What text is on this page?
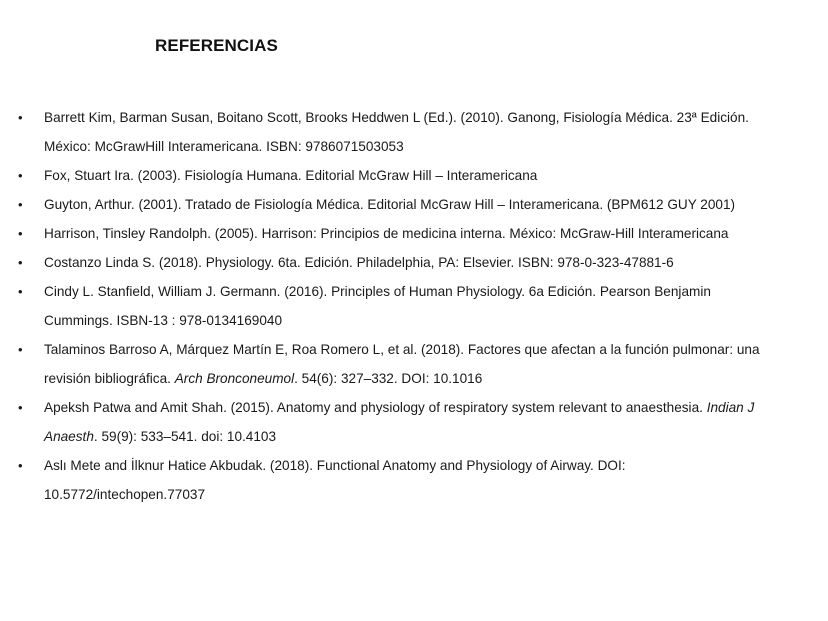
REFERENCIAS
• Barrett Kim, Barman Susan, Boitano Scott, Brooks Heddwen L (Ed.). (2010). Ganong, Fisiología Médica. 23ª Edición.
México: McGrawHill Interamericana. ISBN: 9786071503053
• Fox, Stuart Ira. (2003). Fisiología Humana. Editorial McGraw Hill – Interamericana
• Guyton, Arthur. (2001). Tratado de Fisiología Médica. Editorial McGraw Hill – Interamericana. (BPM612 GUY 2001)
• Harrison, Tinsley Randolph. (2005). Harrison: Principios de medicina interna. México: McGraw-Hill Interamericana
• Costanzo Linda S. (2018). Physiology. 6ta. Edición. Philadelphia, PA: Elsevier. ISBN: 978-0-323-47881-6
• Cindy L. Stanfield, William J. Germann. (2016). Principles of Human Physiology. 6a Edición. Pearson Benjamin
Cummings. ISBN-13 : 978-0134169040
• Talaminos Barroso A, Márquez Martín E, Roa Romero L, et al. (2018). Factores que afectan a la función pulmonar: una
revisión bibliográfica. Arch Bronconeumol. 54(6): 327–332. DOI: 10.1016
• Apeksh Patwa and Amit Shah. (2015). Anatomy and physiology of respiratory system relevant to anaesthesia. Indian J
Anaesth. 59(9): 533–541. doi: 10.4103
• Aslı Mete and İlknur Hatice Akbudak. (2018). Functional Anatomy and Physiology of Airway. DOI:
10.5772/intechopen.77037
